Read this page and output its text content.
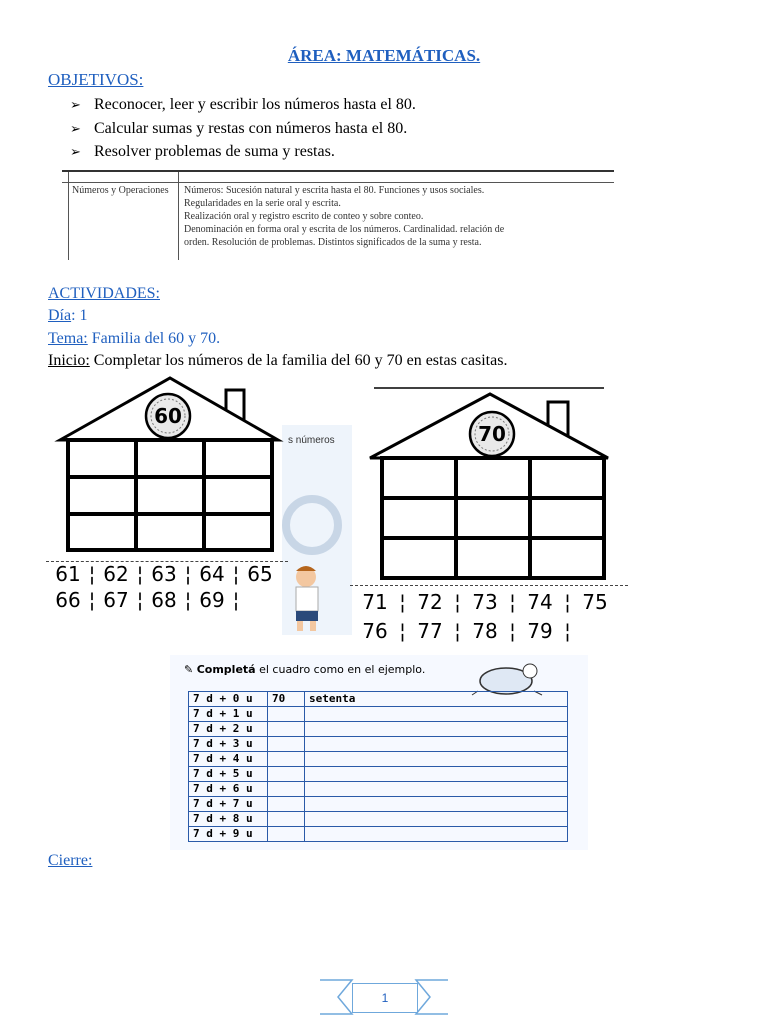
ÁREA: MATEMÁTICAS.
OBJETIVOS:
➢ Reconocer, leer y escribir los números hasta el 80.
➢ Calcular sumas y restas con números hasta el 80.
➢ Resolver problemas de suma y restas.
Números y Operaciones	Números: Sucesión natural y escrita hasta el 80. Funciones y usos sociales.
Regularidades en la serie oral y escrita.
Realización oral y registro escrito de conteo y sobre conteo.
Denominación en forma oral y escrita de los números. Cardinalidad. relación de
orden. Resolución de problemas. Distintos significados de la suma y resta.
ACTIVIDADES:
Día: 1
Tema: Familia del 60 y 70.
Inicio: Completar los números de la familia del 60 y 70 en estas casitas.
s números
60
61 ¦ 62 ¦ 63 ¦ 64 ¦ 65
66 ¦ 67 ¦ 68 ¦ 69 ¦
70
71 ¦ 72 ¦ 73 ¦ 74 ¦ 75
76 ¦ 77 ¦ 78 ¦ 79 ¦
✎ Completá el cuadro como en el ejemplo.
7 d + 0 u	70	setenta
7 d + 1 u		
7 d + 2 u		
7 d + 3 u		
7 d + 4 u		
7 d + 5 u		
7 d + 6 u		
7 d + 7 u		
7 d + 8 u		
7 d + 9 u		
Cierre:
1
